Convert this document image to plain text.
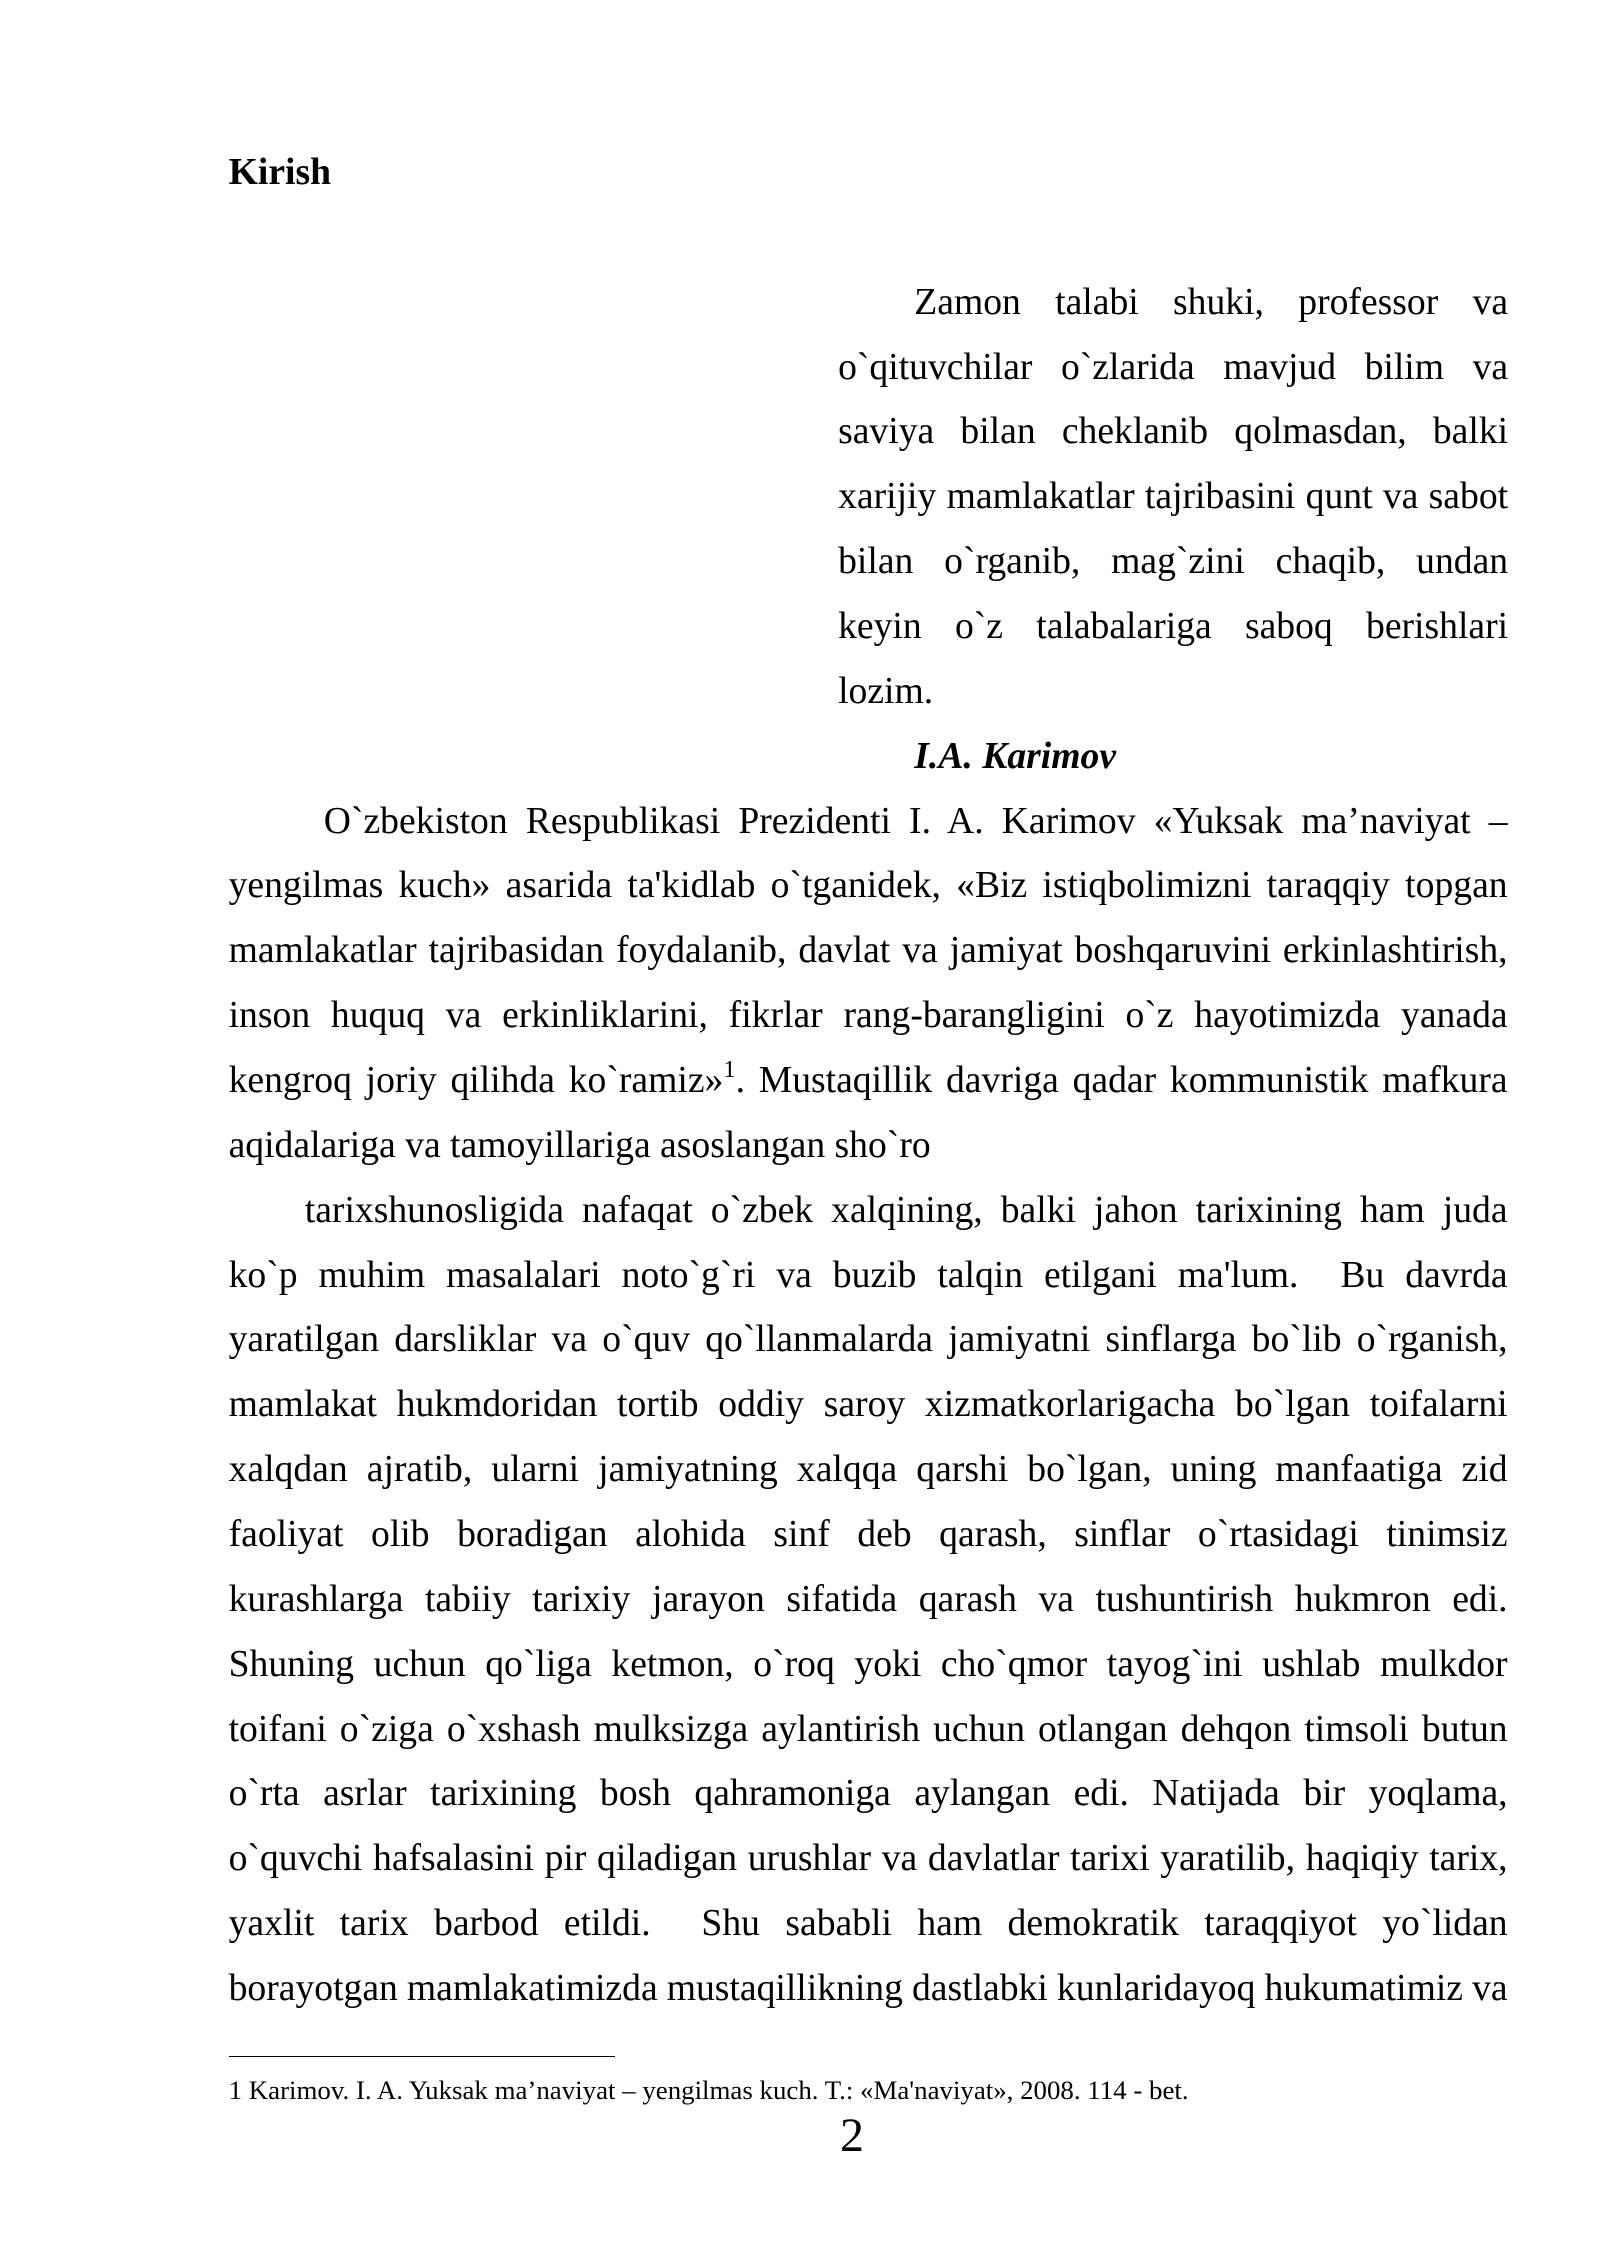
Kirish
Zamon talabi shuki, professor va
o`qituvchilar o`zlarida mavjud bilim va
saviya bilan cheklanib qolmasdan, balki
xarijiy mamlakatlar tajribasini qunt va sabot
bilan o`rganib, mag`zini chaqib, undan
keyin o`z talabalariga saboq berishlari
lozim.
I.A. Karimov
O`zbekiston Respublikasi Prezidenti I. A. Karimov «Yuksak ma’naviyat –
yengilmas kuch» asarida ta'kidlab o`tganidek, «Biz istiqbolimizni taraqqiy topgan
mamlakatlar tajribasidan foydalanib, davlat va jamiyat boshqaruvini erkinlashtirish,
inson huquq va erkinliklarini, fikrlar rang-barangligini o`z hayotimizda yanada
kengroq joriy qilihda ko`ramiz»$^1$. Mustaqillik davriga qadar kommunistik mafkura
aqidalariga va tamoyillariga asoslangan sho`ro
tarixshunosligida nafaqat o`zbek xalqining, balki jahon tarixining ham juda
ko`p muhim masalalari noto`g`ri va buzib talqin etilgani ma'lum.  Bu davrda
yaratilgan darsliklar va o`quv qo`llanmalarda jamiyatni sinflarga bo`lib o`rganish,
mamlakat hukmdoridan tortib oddiy saroy xizmatkorlarigacha bo`lgan toifalarni
xalqdan ajratib, ularni jamiyatning xalqqa qarshi bo`lgan, uning manfaatiga zid
faoliyat olib boradigan alohida sinf deb qarash, sinflar o`rtasidagi tinimsiz
kurashlarga tabiiy tarixiy jarayon sifatida qarash va tushuntirish hukmron edi.
Shuning uchun qo`liga ketmon, o`roq yoki cho`qmor tayog`ini ushlab mulkdor
toifani o`ziga o`xshash mulksizga aylantirish uchun otlangan dehqon timsoli butun
o`rta asrlar tarixining bosh qahramoniga aylangan edi. Natijada bir yoqlama,
o`quvchi hafsalasini pir qiladigan urushlar va davlatlar tarixi yaratilib, haqiqiy tarix,
yaxlit tarix barbod etildi.  Shu sababli ham demokratik taraqqiyot yo`lidan
borayotgan mamlakatimizda mustaqillikning dastlabki kunlaridayoq hukumatimiz va
1 Karimov. I. A. Yuksak ma’naviyat – yengilmas kuch. T.: «Ma'naviyat», 2008. 114 - bet.
2
